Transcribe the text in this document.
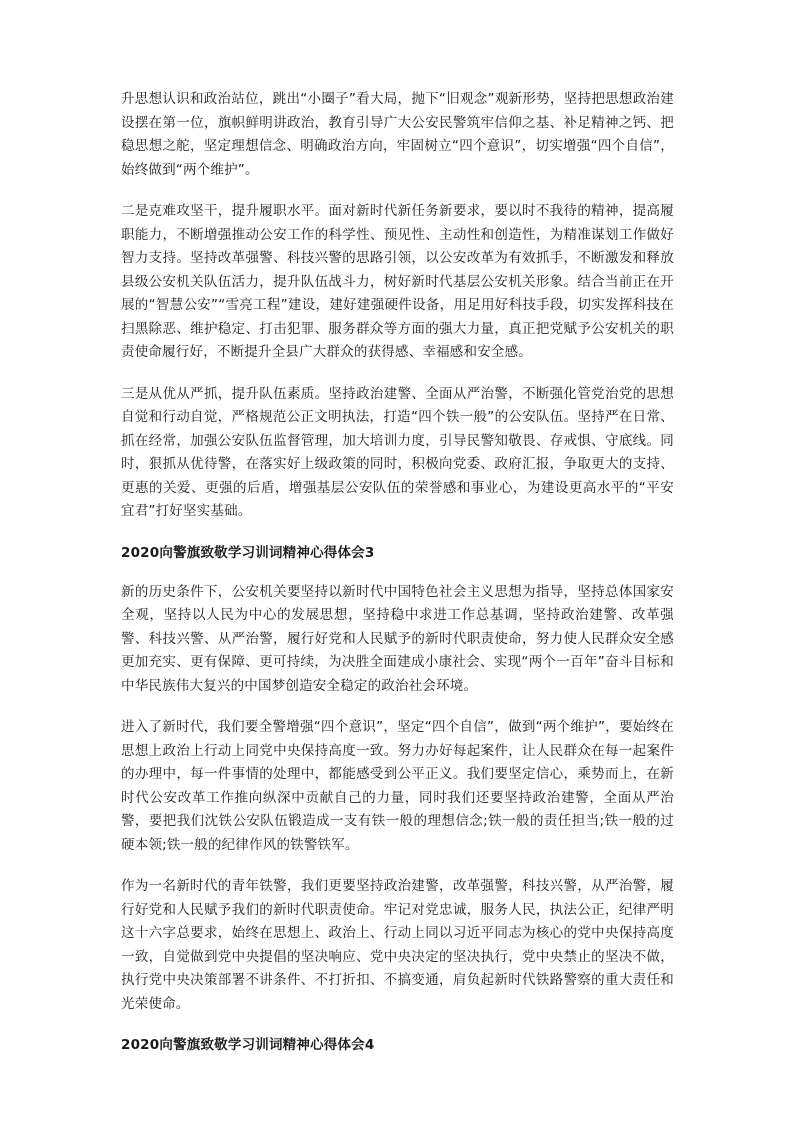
升思想认识和政治站位，跳出“小圈子”看大局，抛下“旧观念”观新形势，坚持把思想政治建设摆在第一位，旗帜鲜明讲政治，教育引导广大公安民警筑牢信仰之基、补足精神之钙、把稳思想之舵，坚定理想信念、明确政治方向，牢固树立“四个意识”，切实增强“四个自信”，始终做到“两个维护”。

二是克难攻坚干，提升履职水平。面对新时代新任务新要求，要以时不我待的精神，提高履职能力，不断增强推动公安工作的科学性、预见性、主动性和创造性，为精准谋划工作做好智力支持。坚持改革强警、科技兴警的思路引领，以公安改革为有效抓手，不断激发和释放县级公安机关队伍活力，提升队伍战斗力，树好新时代基层公安机关形象。结合当前正在开展的“智慧公安”“雪亮工程”建设，建好建强硬件设备，用足用好科技手段，切实发挥科技在扫黑除恶、维护稳定、打击犯罪、服务群众等方面的强大力量，真正把党赋予公安机关的职责使命履行好，不断提升全县广大群众的获得感、幸福感和安全感。

三是从优从严抓，提升队伍素质。坚持政治建警、全面从严治警，不断强化管党治党的思想自觉和行动自觉，严格规范公正文明执法，打造“四个铁一般”的公安队伍。坚持严在日常、抓在经常，加强公安队伍监督管理，加大培训力度，引导民警知敬畏、存戒惧、守底线。同时，狠抓从优待警，在落实好上级政策的同时，积极向党委、政府汇报，争取更大的支持、更惠的关爱、更强的后盾，增强基层公安队伍的荣誉感和事业心，为建设更高水平的“平安宜君”打好坚实基础。

2020向警旗致敬学习训词精神心得体会3

新的历史条件下，公安机关要坚持以新时代中国特色社会主义思想为指导，坚持总体国家安全观，坚持以人民为中心的发展思想，坚持稳中求进工作总基调，坚持政治建警、改革强警、科技兴警、从严治警，履行好党和人民赋予的新时代职责使命，努力使人民群众安全感更加充实、更有保障、更可持续，为决胜全面建成小康社会、实现“两个一百年”奋斗目标和中华民族伟大复兴的中国梦创造安全稳定的政治社会环境。

进入了新时代，我们要全警增强“四个意识”，坚定“四个自信”，做到“两个维护”，要始终在思想上政治上行动上同党中央保持高度一致。努力办好每起案件，让人民群众在每一起案件的办理中，每一件事情的处理中，都能感受到公平正义。我们要坚定信心，乘势而上，在新时代公安改革工作推向纵深中贡献自己的力量，同时我们还要坚持政治建警，全面从严治警，要把我们沈铁公安队伍锻造成一支有铁一般的理想信念;铁一般的责任担当;铁一般的过硬本领;铁一般的纪律作风的铁警铁军。

作为一名新时代的青年铁警，我们更要坚持政治建警，改革强警，科技兴警，从严治警，履行好党和人民赋予我们的新时代职责使命。牢记对党忠诚，服务人民，执法公正，纪律严明这十六字总要求，始终在思想上、政治上、行动上同以习近平同志为核心的党中央保持高度一致，自觉做到党中央提倡的坚决响应、党中央决定的坚决执行，党中央禁止的坚决不做，执行党中央决策部署不讲条件、不打折扣、不搞变通，肩负起新时代铁路警察的重大责任和光荣使命。

2020向警旗致敬学习训词精神心得体会4
